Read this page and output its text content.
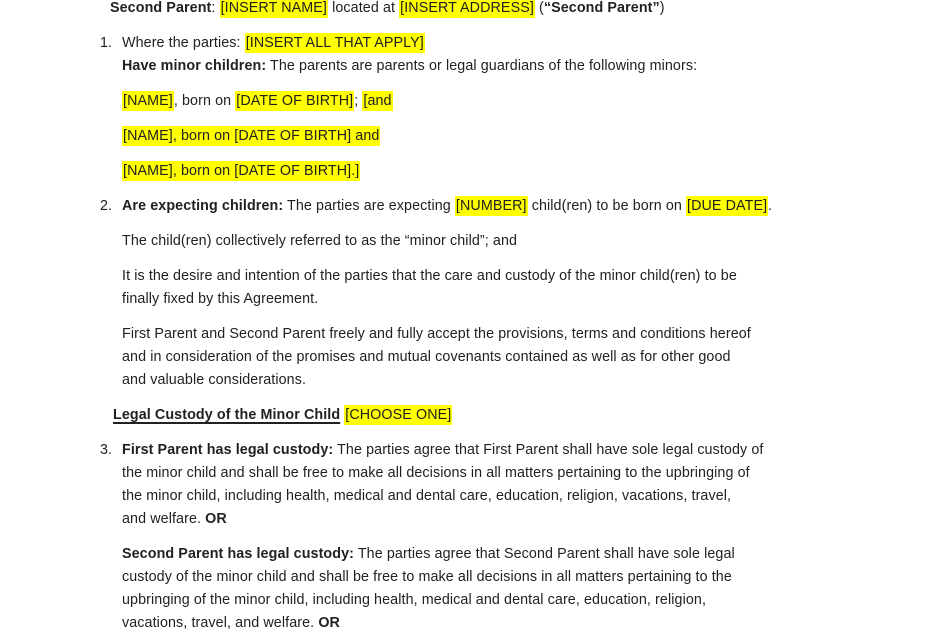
Second Parent: [INSERT NAME] located at [INSERT ADDRESS] (“Second Parent”)
1. Where the parties: [INSERT ALL THAT APPLY]
Have minor children: The parents are parents or legal guardians of the following minors:
[NAME], born on [DATE OF BIRTH]; [and
[NAME], born on [DATE OF BIRTH] and
[NAME], born on [DATE OF BIRTH].]
2. Are expecting children: The parties are expecting [NUMBER] child(ren) to be born on [DUE DATE].
The child(ren) collectively referred to as the “minor child”; and
It is the desire and intention of the parties that the care and custody of the minor child(ren) to be
finally fixed by this Agreement.
First Parent and Second Parent freely and fully accept the provisions, terms and conditions hereof
and in consideration of the promises and mutual covenants contained as well as for other good
and valuable considerations.
Legal Custody of the Minor Child [CHOOSE ONE]
3. First Parent has legal custody: The parties agree that First Parent shall have sole legal custody of
the minor child and shall be free to make all decisions in all matters pertaining to the upbringing of
the minor child, including health, medical and dental care, education, religion, vacations, travel,
and welfare. OR
Second Parent has legal custody: The parties agree that Second Parent shall have sole legal
custody of the minor child and shall be free to make all decisions in all matters pertaining to the
upbringing of the minor child, including health, medical and dental care, education, religion,
vacations, travel, and welfare. OR
